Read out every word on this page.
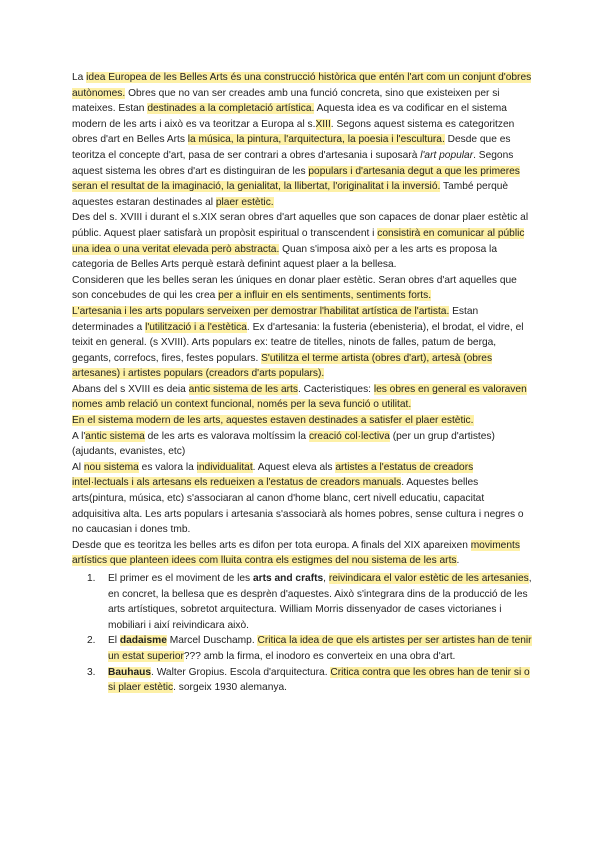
La idea Europea de les Belles Arts és una construcció històrica que entén l'art com un conjunt d'obres autònomes. Obres que no van ser creades amb una funció concreta, sino que existeixen per si mateixes. Estan destinades a la completació artística. Aquesta idea es va codificar en el sistema modern de les arts i això es va teoritzar a Europa al s.XIII. Segons aquest sistema es categoritzen obres d'art en Belles Arts la música, la pintura, l'arquitectura, la poesia i l'escultura. Desde que es teoritza el concepte d'art, pasa de ser contrari a obres d'artesania i suposarà l'art popular. Segons aquest sistema les obres d'art es distinguiran de les populars i d'artesania degut a que les primeres seran el resultat de la imaginació, la genialitat, la llibertat, l'originalitat i la inversió. També perquè aquestes estaran destinades al plaer estètic.

Des del s. XVIII i durant el s.XIX seran obres d'art aquelles que son capaces de donar plaer estètic al públic. Aquest plaer satisfarà un propòsit espiritual o transcendent i consistirà en comunicar al públic una idea o una veritat elevada però abstracta. Quan s'imposa això per a les arts es proposa la categoria de Belles Arts perquè estarà definint aquest plaer a la bellesa.

Consideren que les belles seran les úniques en donar plaer estètic. Seran obres d'art aquelles que son concebudes de qui les crea per a influir en els sentiments, sentiments forts.

L'artesania i les arts populars serveixen per demostrar l'habilitat artística de l'artista. Estan determinades a l'utilització i a l'estètica. Ex d'artesania: la fusteria (ebenisteria), el brodat, el vidre, el teixit en general. (s XVIII). Arts populars ex: teatre de titelles, ninots de falles, patum de berga, gegants, correfocs, fires, festes populars. S'utilitza el terme artista (obres d'art), artesà (obres artesanes) i artistes populars (creadors d'arts populars).

Abans del s XVIII es deia antic sistema de les arts. Cacteristiques: les obres en general es valoraven nomes amb relació un context funcional, només per la seva funció o utilitat.

En el sistema modern de les arts, aquestes estaven destinades a satisfer el plaer estètic.

A l'antic sistema de les arts es valorava moltíssim la creació col·lectiva (per un grup d'artistes) (ajudants, evanistes, etc)

Al nou sistema es valora la individualitat. Aquest eleva als artistes a l'estatus de creadors intel·lectuals i als artesans els redueixen a l'estatus de creadors manuals. Aquestes belles arts(pintura, música, etc) s'associaran al canon d'home blanc, cert nivell educatiu, capacitat adquisitiva alta. Les arts populars i artesania s'associarà als homes pobres, sense cultura i negres o no caucasian i dones tmb.

Desde que es teoritza les belles arts es difon per tota europa. A finals del XIX apareixen moviments artístics que planteen idees com lluita contra els estigmes del nou sistema de les arts.

1. El primer es el moviment de les arts and crafts, reivindicara el valor estètic de les artesanies, en concret, la bellesa que es desprèn d'aquestes. Això s'integrara dins de la producció de les arts artístiques, sobretot arquitectura. William Morris dissenyador de cases victorianes i mobiliari i així reivindicara això.
2. El dadaisme Marcel Duschamp. Critica la idea de que els artistes per ser artistes han de tenir un estat superior??? amb la firma, el inodoro es converteix en una obra d'art.
3. Bauhaus. Walter Gropius. Escola d'arquitectura. Critica contra que les obres han de tenir si o si plaer estètic. sorgeix 1930 alemanya.
